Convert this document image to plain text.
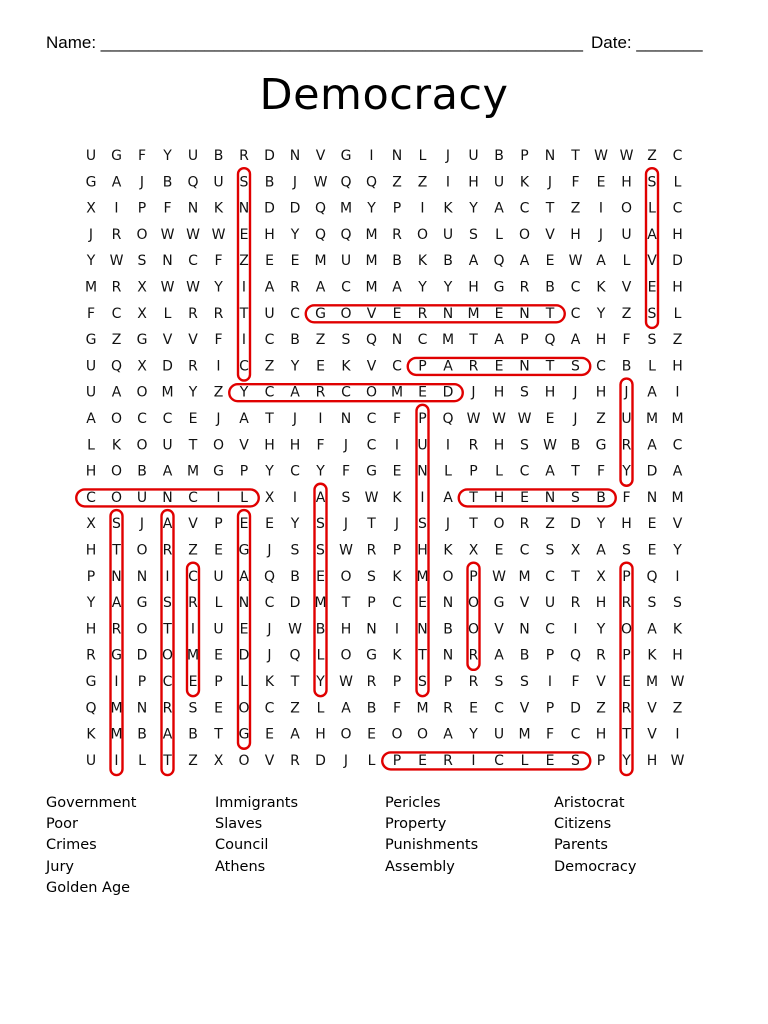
Name: ___________________________________________________ Date: _______
Democracy
U G F Y U B R D N V G I N L J U B P N T W W Z C
G A J B Q U S B J W Q Q Z Z I H U K J F E H S L
X I P F N K N D D Q M Y P I K Y A C T Z I O L C
J R O W W W E H Y Q Q M R O U S L O V H J U A H
Y W S N C F Z E E M U M B K B A Q A E W A L V D
M R X W W Y I A R A C M A Y Y H G R B C K V E H
F C X L R R T U C G O V E R N M E N T C Y Z S L
G Z G V V F I C B Z S Q N C M T A P Q A H F S Z
U Q X D R I C Z Y E K V C P A R E N T S C B L H
U A O M Y Z Y C A R C O M E D J H S H J H J A I
A O C C E J A T J I N C F P Q W W W E J Z U M M
L K O U T O V H H F J C I U I R H S W B G R A C
H O B A M G P Y C Y F G E N L P L C A T F Y D A
C O U N C I L X I A S W K I A T H E N S B F N M
X S J A V P E E Y S J T J S J T O R Z D Y H E V
H T O R Z E G J S S W R P H K X E C S X A S E Y
P N N I C U A Q B E O S K M O P W M C T X P Q I
Y A G S R L N C D M T P C E N O G V U R H R S S
H R O T I U E J W B H N I N B O V N C I Y O A K
R G D O M E D J Q L O G K T N R A B P Q R P K H
G I P C E P L K T Y W R P S P R S S I F V E M W
Q M N R S E O C Z L A B F M R E C V P D Z R V Z
K M B A B T G E A H O E O O A Y U M F C H T V I
U I L T Z X O V R D J L P E R I C L E S P Y H W
Government
Poor
Crimes
Jury
Golden Age
Immigrants
Slaves
Council
Athens
Pericles
Property
Punishments
Assembly
Aristocrat
Citizens
Parents
Democracy
